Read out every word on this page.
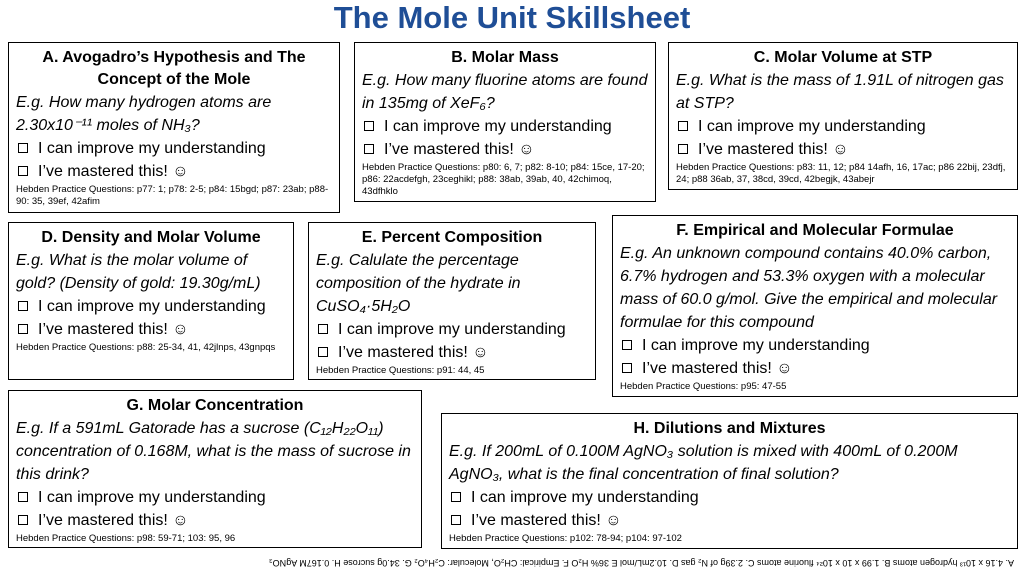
The Mole Unit Skillsheet
A. Avogadro’s Hypothesis and The Concept of the Mole

E.g. How many hydrogen atoms are 2.30x10⁻¹¹ moles of NH₃?

I can improve my understanding
I’ve mastered this! ☺
Hebden Practice Questions: p77: 1; p78: 2-5; p84: 15bgd; p87: 23ab; p88-90: 35, 39ef, 42afim
B. Molar Mass

E.g. How many fluorine atoms are found in 135mg of XeF₆?

I can improve my understanding
I’ve mastered this! ☺
Hebden Practice Questions: p80: 6, 7; p82: 8-10; p84: 15ce, 17-20; p86: 22acdefgh, 23ceghikl; p88: 38ab, 39ab, 40, 42chimoq, 43dfhklo
C. Molar Volume at STP

E.g. What is the mass of 1.91L of nitrogen gas at STP?

I can improve my understanding
I’ve mastered this! ☺
Hebden Practice Questions: p83: 11, 12; p84 14afh, 16, 17ac; p86 22bij, 23dfj, 24; p88 36ab, 37, 38cd, 39cd, 42begjk, 43abejr
D. Density and Molar Volume

E.g. What is the molar volume of gold? (Density of gold: 19.30g/mL)

I can improve my understanding
I’ve mastered this! ☺
Hebden Practice Questions: p88: 25-34, 41, 42jlnps, 43gnpqs
E. Percent Composition

E.g. Calulate the percentage composition of the hydrate in CuSO₄·5H₂O

I can improve my understanding
I’ve mastered this! ☺
Hebden Practice Questions: p91: 44, 45
F. Empirical and Molecular Formulae

E.g. An unknown compound contains 40.0% carbon, 6.7% hydrogen and 53.3% oxygen with a molecular mass of 60.0 g/mol. Give the empirical and molecular formulae for this compound

I can improve my understanding
I’ve mastered this! ☺
Hebden Practice Questions: p95: 47-55
G. Molar Concentration

E.g. If a 591mL Gatorade has a sucrose (C₁₂H₂₂O₁₁) concentration of 0.168M, what is the mass of sucrose in this drink?

I can improve my understanding
I’ve mastered this! ☺
Hebden Practice Questions: p98: 59-71; 103: 95, 96
H. Dilutions and Mixtures

E.g. If 200mL of 0.100M AgNO₃ solution is mixed with 400mL of 0.200M AgNO₃, what is the final concentration of final solution?

I can improve my understanding
I’ve mastered this! ☺
Hebden Practice Questions: p102: 78-94; p104: 97-102
A. 4.16 x 10¹³ hydrogen atoms B. 1.99 x 10 x 10²⁴ fluorine atoms C. 2.39g of N₂ gas D. 10.2mL/mol E 36% H₂O F. Empirical: CH₂O, Molecular: C₂H₄O₂ G. 34.0g sucrose H. 0.167M AgNO₃
